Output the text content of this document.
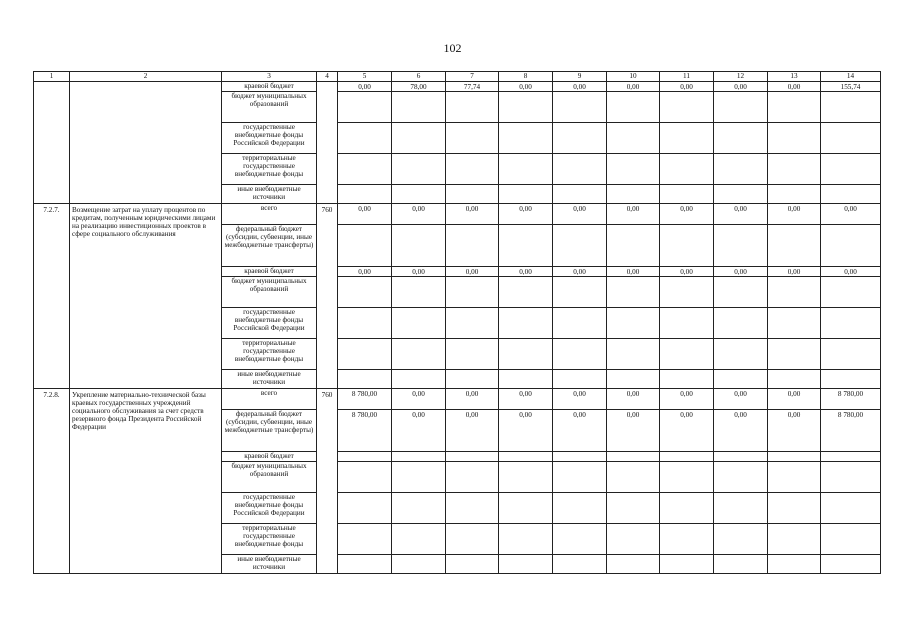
102
1	2	3	4	5	6	7	8	9	10	11	12	13	14
		краевой бюджет		0,00	78,00	77,74	0,00	0,00	0,00	0,00	0,00	0,00	155,74
		бюджет муниципальных образований											
		государственные внебюджетные фонды Российской Федерации											
		территориальные государственные внебюджетные фонды											
		иные внебюджетные источники											
7.2.7.	Возмещение затрат на уплату процентов по кредитам, полученным юридическими лицами на реализацию инвестиционных проектов в сфере социального обслуживания	всего	760	0,00	0,00	0,00	0,00	0,00	0,00	0,00	0,00	0,00	0,00
		федеральный бюджет (субсидии, субвенции, иные межбюджетные трансферты)											
		краевой бюджет		0,00	0,00	0,00	0,00	0,00	0,00	0,00	0,00	0,00	0,00
		бюджет муниципальных образований											
		государственные внебюджетные фонды Российской Федерации											
		территориальные государственные внебюджетные фонды											
		иные внебюджетные источники											
7.2.8.	Укрепление материально-технической базы краевых государственных учреждений социального обслуживания за счет средств резервного фонда Президента Российской Федерации	всего	760	8 780,00	0,00	0,00	0,00	0,00	0,00	0,00	0,00	0,00	8 780,00
		федеральный бюджет (субсидии, субвенции, иные межбюджетные трансферты)		8 780,00	0,00	0,00	0,00	0,00	0,00	0,00	0,00	0,00	8 780,00
		краевой бюджет											
		бюджет муниципальных образований											
		государственные внебюджетные фонды Российской Федерации											
		территориальные государственные внебюджетные фонды											
		иные внебюджетные источники											
